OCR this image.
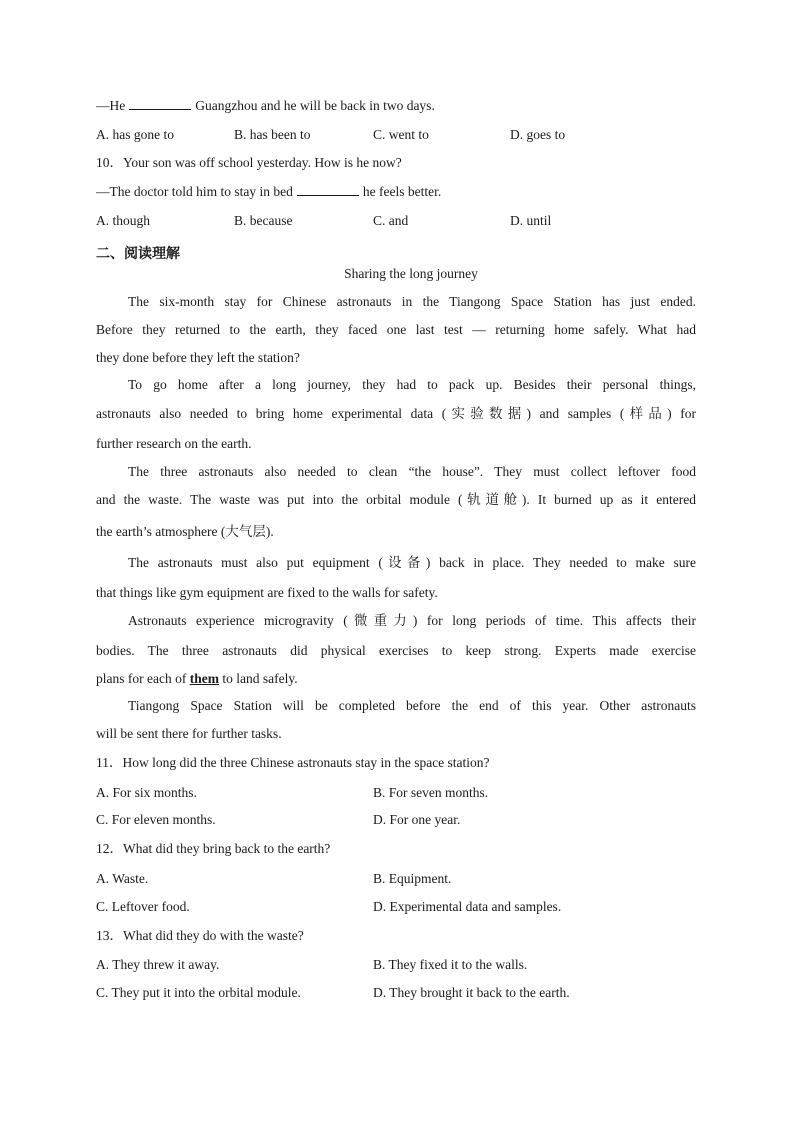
—He	Guangzhou and he will be back in two days.
A. has gone to	B. has been to	C. went to	D. goes to
10．Your son was off school yesterday. How is he now?
—The doctor told him to stay in bed	he feels better.
A. though	B. because	C. and	D. until
二、阅读理解
Sharing the long journey
The six-month stay for Chinese astronauts in the Tiangong Space Station has just ended.
Before they returned to the earth, they faced one last test — returning home safely. What had
they done before they left the station?
To go home after a long journey, they had to pack up. Besides their personal things,
astronauts also needed to bring home experimental data (实验数据) and samples (样品) for
further research on the earth.
The three astronauts also needed to clean “the house”. They must collect leftover food
and the waste. The waste was put into the orbital module (轨道舱). It burned up as it entered
the earth’s atmosphere (大气层).
The astronauts must also put equipment (设备) back in place. They needed to make sure
that things like gym equipment are fixed to the walls for safety.
Astronauts experience microgravity (微重力) for long periods of time. This affects their
bodies. The three astronauts did physical exercises to keep strong. Experts made exercise
plans for each of them to land safely.
Tiangong Space Station will be completed before the end of this year. Other astronauts
will be sent there for further tasks.
11．How long did the three Chinese astronauts stay in the space station?
A. For six months.	B. For seven months.
C. For eleven months.	D. For one year.
12．What did they bring back to the earth?
A. Waste.	B. Equipment.
C. Leftover food.	D. Experimental data and samples.
13．What did they do with the waste?
A. They threw it away.	B. They fixed it to the walls.
C. They put it into the orbital module.	D. They brought it back to the earth.
